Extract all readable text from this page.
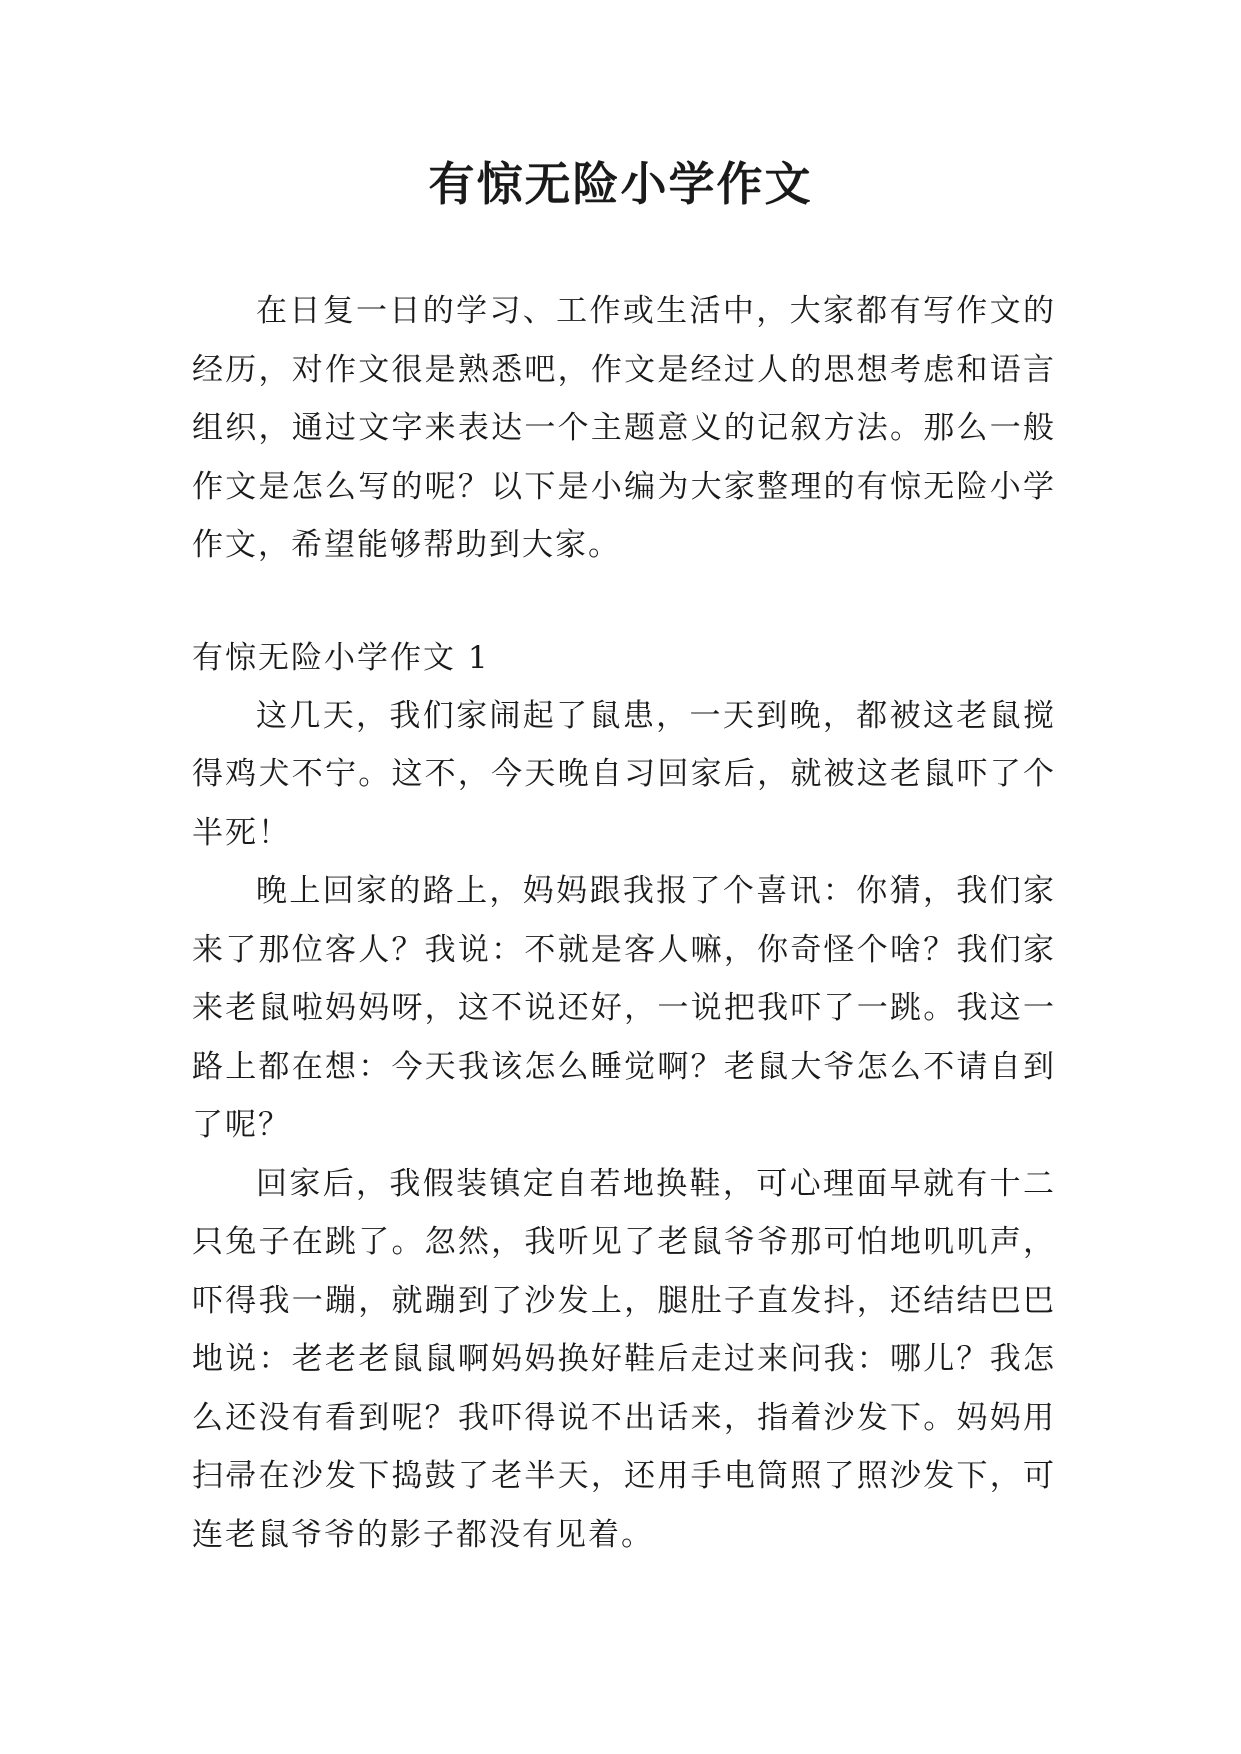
有惊无险小学作文

在日复一日的学习、工作或生活中，大家都有写作文的经历，对作文很是熟悉吧，作文是经过人的思想考虑和语言组织，通过文字来表达一个主题意义的记叙方法。那么一般作文是怎么写的呢？以下是小编为大家整理的有惊无险小学作文，希望能够帮助到大家。

有惊无险小学作文 1

这几天，我们家闹起了鼠患，一天到晚，都被这老鼠搅得鸡犬不宁。这不，今天晚自习回家后，就被这老鼠吓了个半死！

晚上回家的路上，妈妈跟我报了个喜讯：你猜，我们家来了那位客人？我说：不就是客人嘛，你奇怪个啥？我们家来老鼠啦妈妈呀，这不说还好，一说把我吓了一跳。我这一路上都在想：今天我该怎么睡觉啊？老鼠大爷怎么不请自到了呢？

回家后，我假装镇定自若地换鞋，可心理面早就有十二只兔子在跳了。忽然，我听见了老鼠爷爷那可怕地叽叽声，吓得我一蹦，就蹦到了沙发上，腿肚子直发抖，还结结巴巴地说：老老老鼠鼠啊妈妈换好鞋后走过来问我：哪儿？我怎么还没有看到呢？我吓得说不出话来，指着沙发下。妈妈用扫帚在沙发下捣鼓了老半天，还用手电筒照了照沙发下，可连老鼠爷爷的影子都没有见着。
